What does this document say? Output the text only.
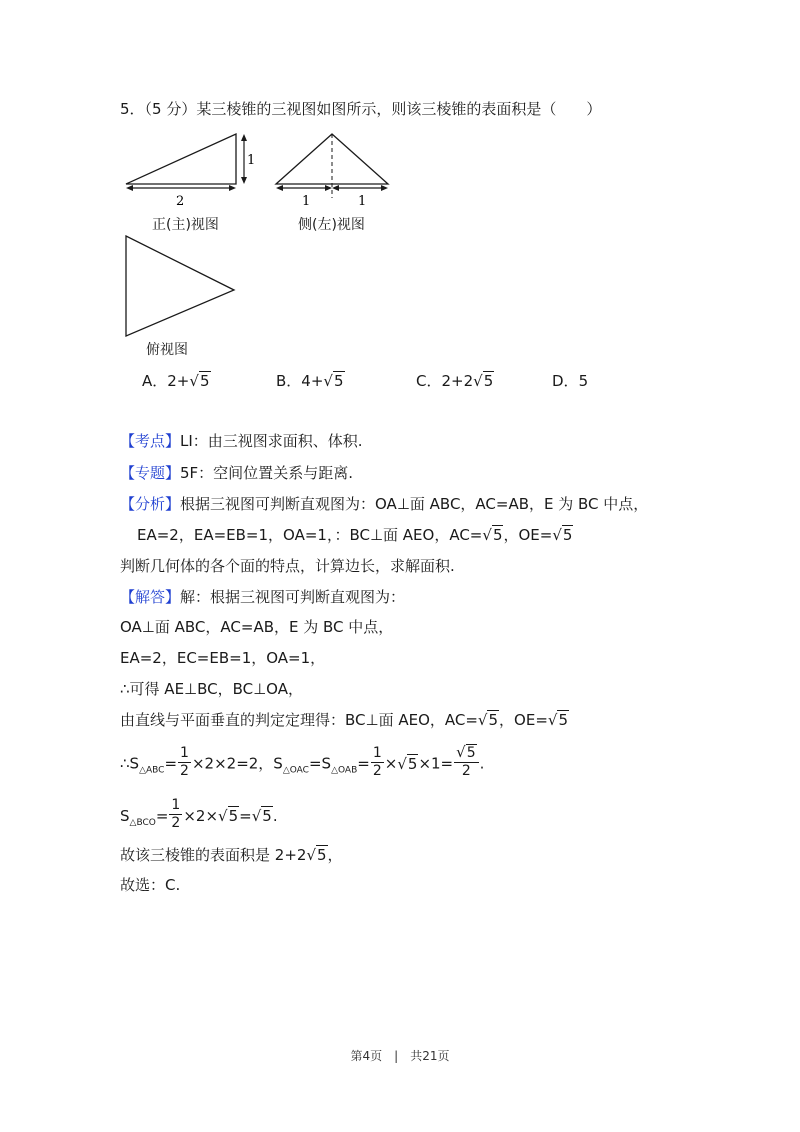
5．（5 分）某三棱锥的三视图如图所示，则该三棱锥的表面积是（　　）
1
2
正(主)视图
1	1
侧(左)视图
俯视图
A．2+√5	B．4+√5	C．2+2√5	D．5
【考点】LI：由三视图求面积、体积.
【专题】5F：空间位置关系与距离.
【分析】根据三视图可判断直观图为：OA⊥面 ABC，AC=AB，E 为 BC 中点，
EA=2，EA=EB=1，OA=1，：BC⊥面 AEO，AC=√5，OE=√5
判断几何体的各个面的特点，计算边长，求解面积.
【解答】解：根据三视图可判断直观图为：
OA⊥面 ABC，AC=AB，E 为 BC 中点，
EA=2，EC=EB=1，OA=1，
∴可得 AE⊥BC，BC⊥OA，
由直线与平面垂直的判定定理得：BC⊥面 AEO，AC=√5，OE=√5
$\therefore S_{\triangle ABC}= \frac{1}{2} \times 2\times 2=2$，$S_{\triangle OAC}=S_{\triangle OAB}= \frac{1}{2} \times√5\times 1= \frac{√5}{2}$ .
$S_{\triangle BCO}= \frac{1}{2} \times 2\times√5=√5$.
故该三棱锥的表面积是 2+2√5，
故选：C.
第4页　|　共21页
